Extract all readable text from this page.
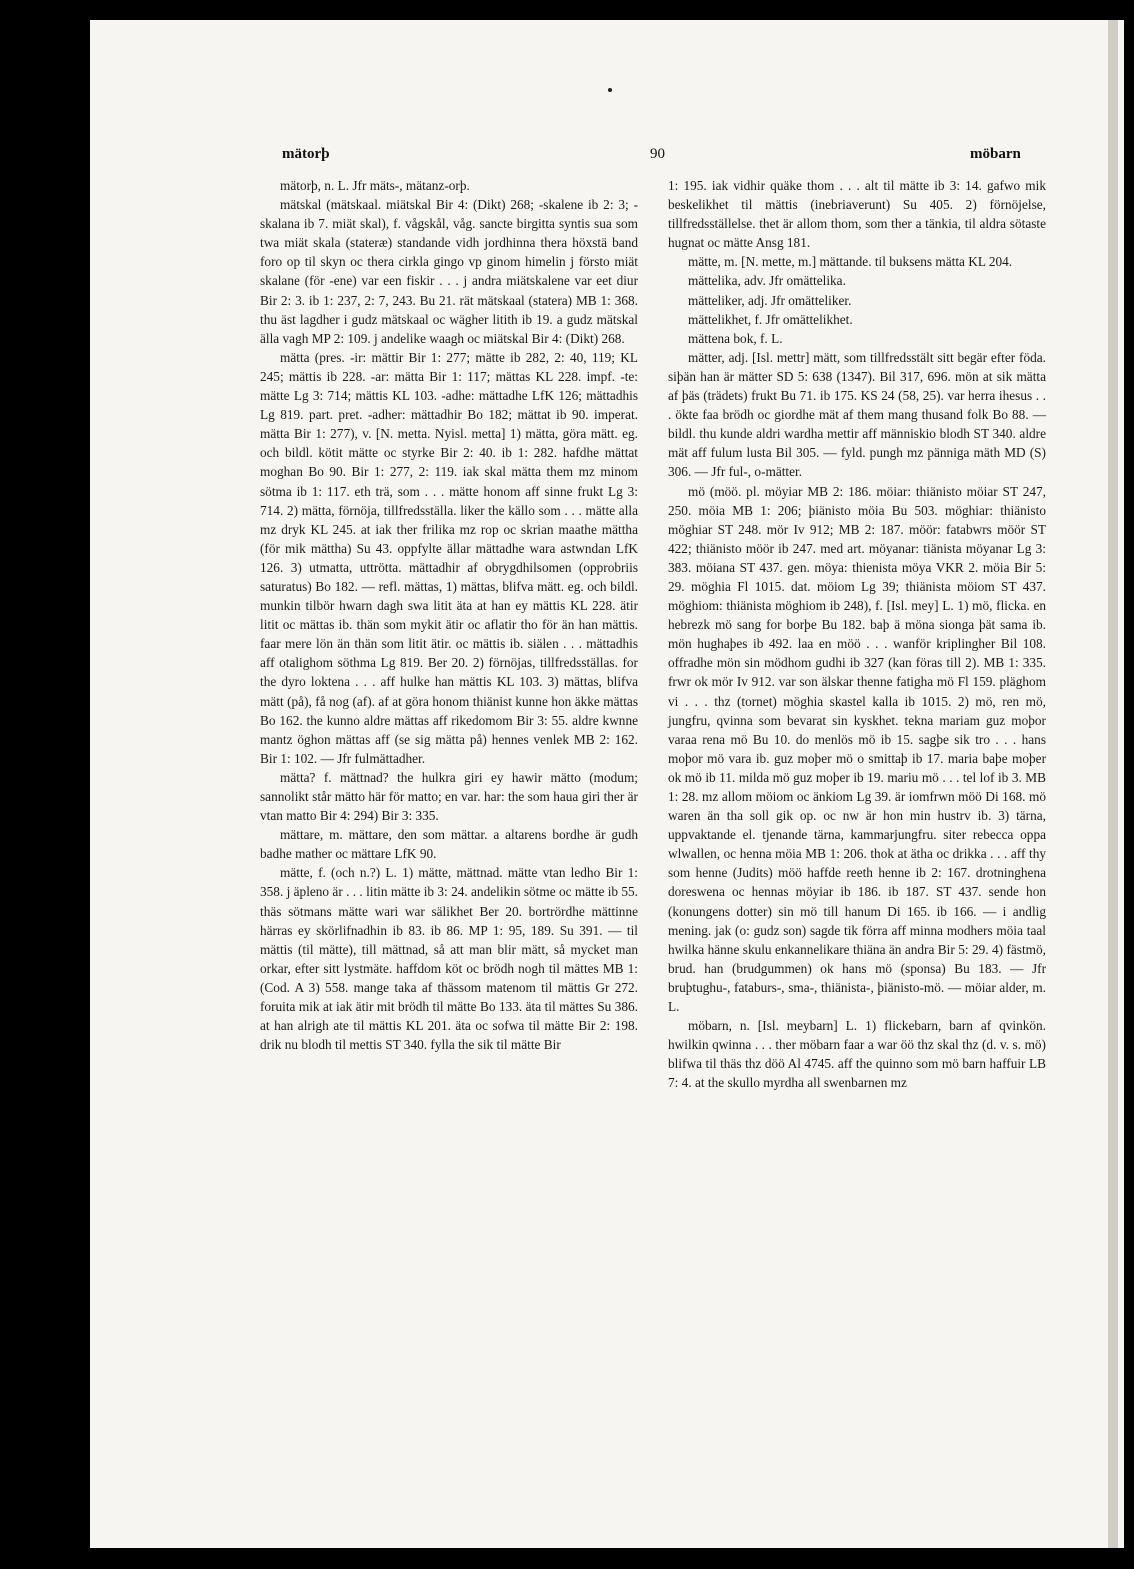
mätorþ	90	möbarn

mätorþ, n. L. Jfr mäts-, mätanz-orþ.

mätskal (mätskaal. miätskal Bir 4: (Dikt) 268; -skalene ib 2: 3; -skalana ib 7. miät skal), f. vågskål, våg. sancte birgitta syntis sua som twa miät skala (stateræ) standande vidh jordhinna thera höxstä band foro op til skyn oc thera cirkla gingo vp ginom himelin j försto miät skalane (för -ene) var een fiskir . . . j andra miätskalene var eet diur Bir 2: 3. ib 1: 237, 2: 7, 243. Bu 21. rät mätskaal (statera) MB 1: 368. thu äst lagdher i gudz mätskaal oc wägher litith ib 19. a gudz mätskal älla vagh MP 2: 109. j andelike waagh oc miätskal Bir 4: (Dikt) 268.

mätta (pres. -ir: mättir Bir 1: 277; mätte ib 282, 2: 40, 119; KL 245; mättis ib 228. -ar: mätta Bir 1: 117; mättas KL 228. impf. -te: mätte Lg 3: 714; mättis KL 103. -adhe: mättadhe LfK 126; mättadhis Lg 819. part. pret. -adher: mättadhir Bo 182; mättat ib 90. imperat. mätta Bir 1: 277), v. [N. metta. Nyisl. metta] 1) mätta, göra mätt. eg. och bildl. kötit mätte oc styrke Bir 2: 40. ib 1: 282. hafdhe mättat moghan Bo 90. Bir 1: 277, 2: 119. iak skal mätta them mz minom sötma ib 1: 117. eth trä, som . . . mätte honom aff sinne frukt Lg 3: 714. 2) mätta, förnöja, tillfredsställa. liker the källo som . . . mätte alla mz dryk KL 245. at iak ther frilika mz rop oc skrian maathe mättha (för mik mättha) Su 43. oppfylte ällar mättadhe wara astwndan LfK 126. 3) utmatta, uttrötta. mättadhir af obrygdhilsomen (opprobriis saturatus) Bo 182. — refl. mättas, 1) mättas, blifva mätt. eg. och bildl. munkin tilbör hwarn dagh swa litit äta at han ey mättis KL 228. ätir litit oc mättas ib. thän som mykit ätir oc aflatir tho för än han mättis. faar mere lön än thän som litit ätir. oc mättis ib. siälen . . . mättadhis aff otalighom söthma Lg 819. Ber 20. 2) förnöjas, tillfredsställas. for the dyro loktena . . . aff hulke han mättis KL 103. 3) mättas, blifva mätt (på), få nog (af). af at göra honom thiänist kunne hon äkke mättas Bo 162. the kunno aldre mättas aff rikedomom Bir 3: 55. aldre kwnne mantz öghon mättas aff (se sig mätta på) hennes venlek MB 2: 162. Bir 1: 102. — Jfr fulmättadher.

mätta? f. mättnad? the hulkra giri ey hawir mätto (modum; sannolikt står mätto här för matto; en var. har: the som haua giri ther är vtan matto Bir 4: 294) Bir 3: 335.

mättare, m. mättare, den som mättar. a altarens bordhe är gudh badhe mather oc mättare LfK 90.

mätte, f. (och n.?) L. 1) mätte, mättnad. mätte vtan ledho Bir 1: 358. j äpleno är . . . litin mätte ib 3: 24. andelikin sötme oc mätte ib 55. thäs sötmans mätte wari war sälikhet Ber 20. bortrördhe mättinne härras ey skörlifnadhin ib 83. ib 86. MP 1: 95, 189. Su 391. — til mättis (til mätte), till mättnad, så att man blir mätt, så mycket man orkar, efter sitt lystmäte. haffdom köt oc brödh nogh til mättes MB 1: (Cod. A 3) 558. mange taka af thässom matenom til mättis Gr 272. foruita mik at iak ätir mit brödh til mätte Bo 133. äta til mättes Su 386. at han alrigh ate til mättis KL 201. äta oc sofwa til mätte Bir 2: 198. drik nu blodh til mettis ST 340. fylla the sik til mätte Bir

1: 195. iak vidhir quäke thom . . . alt til mätte ib 3: 14. gafwo mik beskelikhet til mättis (inebriaverunt) Su 405. 2) förnöjelse, tillfredsställelse. thet är allom thom, som ther a tänkia, til aldra sötaste hugnat oc mätte Ansg 181.

mätte, m. [N. mette, m.] mättande. til buksens mätta KL 204.

mättelika, adv. Jfr omättelika.

mätteliker, adj. Jfr omätteliker.

mättelikhet, f. Jfr omättelikhet.

mättena bok, f. L.

mätter, adj. [Isl. mettr] mätt, som tillfredsstält sitt begär efter föda. siþän han är mätter SD 5: 638 (1347). Bil 317, 696. mön at sik mätta af þäs (trädets) frukt Bu 71. ib 175. KS 24 (58, 25). var herra ihesus . . . ökte faa brödh oc giordhe mät af them mang thusand folk Bo 88. — bildl. thu kunde aldri wardha mettir aff människio blodh ST 340. aldre mät aff fulum lusta Bil 305. — fyld. pungh mz pänniga mäth MD (S) 306. — Jfr ful-, o-mätter.

mö (möö. pl. möyiar MB 2: 186. möiar: thiänisto möiar ST 247, 250. möia MB 1: 206; þiänisto möia Bu 503. möghiar: thiänisto möghiar ST 248. mör Iv 912; MB 2: 187. möör: fatabwrs möör ST 422; thiänisto möör ib 247. med art. möyanar: tiänista möyanar Lg 3: 383. möiana ST 437. gen. möya: thienista möya VKR 2. möia Bir 5: 29. möghia Fl 1015. dat. möiom Lg 39; thiänista möiom ST 437. möghiom: thiänista möghiom ib 248), f. [Isl. mey] L. 1) mö, flicka. en hebrezk mö sang for borþe Bu 182. baþ ä möna sionga þät sama ib. mön hughaþes ib 492. laa en möö . . . wanför kriplingher Bil 108. offradhe mön sin mödhom gudhi ib 327 (kan föras till 2). MB 1: 335. frwr ok mör Iv 912. var son älskar thenne fatigha mö Fl 159. pläghom vi . . . thz (tornet) möghia skastel kalla ib 1015. 2) mö, ren mö, jungfru, qvinna som bevarat sin kyskhet. tekna mariam guz moþor varaa rena mö Bu 10. do menlös mö ib 15. sagþe sik tro . . . hans moþor mö vara ib. guz moþer mö o smittaþ ib 17. maria baþe moþer ok mö ib 11. milda mö guz moþer ib 19. mariu mö . . . tel lof ib 3. MB 1: 28. mz allom möiom oc änkiom Lg 39. är iomfrwn möö Di 168. mö waren än tha soll gik op. oc nw är hon min hustrv ib. 3) tärna, uppvaktande el. tjenande tärna, kammarjungfru. siter rebecca oppa wlwallen, oc henna möia MB 1: 206. thok at ätha oc drikka . . . aff thy som henne (Judits) möö haffde reeth henne ib 2: 167. drotninghena doreswena oc hennas möyiar ib 186. ib 187. ST 437. sende hon (konungens dotter) sin mö till hanum Di 165. ib 166. — i andlig mening. jak (o: gudz son) sagde tik förra aff minna modhers möia taal hwilka hänne skulu enkannelikare thiäna än andra Bir 5: 29. 4) fästmö, brud. han (brudgummen) ok hans mö (sponsa) Bu 183. — Jfr bruþtughu-, fataburs-, sma-, thiänista-, þiänisto-mö. — möiar alder, m. L.

möbarn, n. [Isl. meybarn] L. 1) flickebarn, barn af qvinkön. hwilkin qwinna . . . ther möbarn faar a war öö thz skal thz (d. v. s. mö) blifwa til thäs thz döö Al 4745. aff the quinno som mö barn haffuir LB 7: 4. at the skullo myrdha all swenbarnen mz
